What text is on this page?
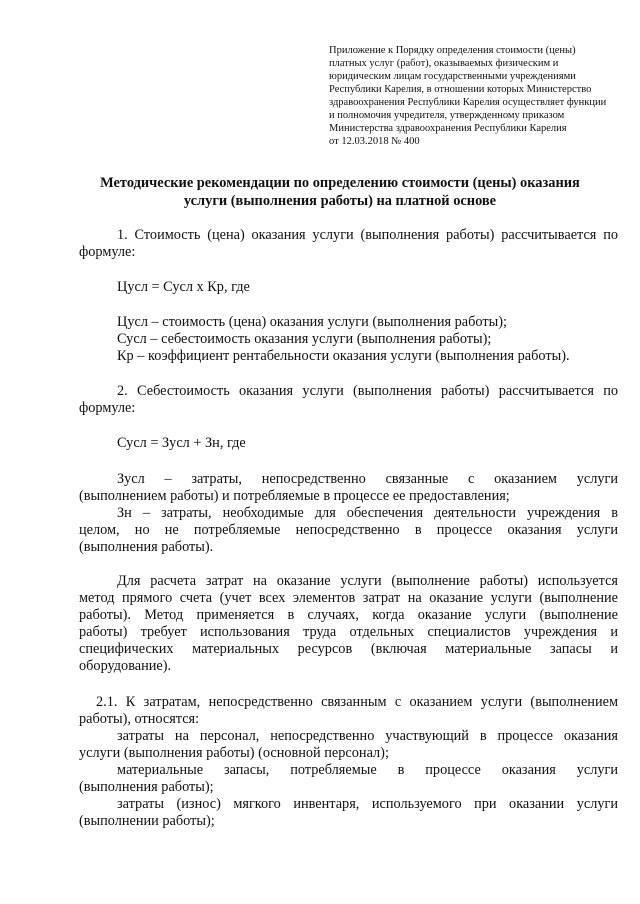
Приложение к Порядку определения стоимости (цены)
платных услуг (работ), оказываемых физическим и
юридическим лицам государственными учреждениями
Республики Карелия, в отношении которых Министерство
здравоохранения Республики Карелия осуществляет функции
и полномочия учредителя, утвержденному приказом
Министерства здравоохранения Республики Карелия
от 12.03.2018 № 400
Методические рекомендации по определению стоимости (цены) оказания
услуги (выполнения работы) на платной основе
1. Стоимость (цена) оказания услуги (выполнения работы) рассчитывается по
формуле:
Цусл = Сусл х Кр, где
Цусл – стоимость (цена) оказания услуги (выполнения работы);
Сусл – себестоимость оказания услуги (выполнения работы);
Кр – коэффициент рентабельности оказания услуги (выполнения работы).
2. Себестоимость оказания услуги (выполнения работы) рассчитывается по
формуле:
Сусл = Зусл + Зн, где
Зусл – затраты, непосредственно связанные с оказанием услуги
(выполнением работы) и потребляемые в процессе ее предоставления;
Зн – затраты, необходимые для обеспечения деятельности учреждения в
целом, но не потребляемые непосредственно в процессе оказания услуги
(выполнения работы).
Для расчета затрат на оказание услуги (выполнение работы) используется
метод прямого счета (учет всех элементов затрат на оказание услуги (выполнение
работы). Метод применяется в случаях, когда оказание услуги (выполнение
работы) требует использования труда отдельных специалистов учреждения и
специфических материальных ресурсов (включая материальные запасы и
оборудование).
2.1. К затратам, непосредственно связанным с оказанием услуги (выполнением
работы), относятся:
затраты на персонал, непосредственно участвующий в процессе оказания
услуги (выполнения работы) (основной персонал);
материальные запасы, потребляемые в процессе оказания услуги
(выполнения работы);
затраты (износ) мягкого инвентаря, используемого при оказании услуги
(выполнении работы);
